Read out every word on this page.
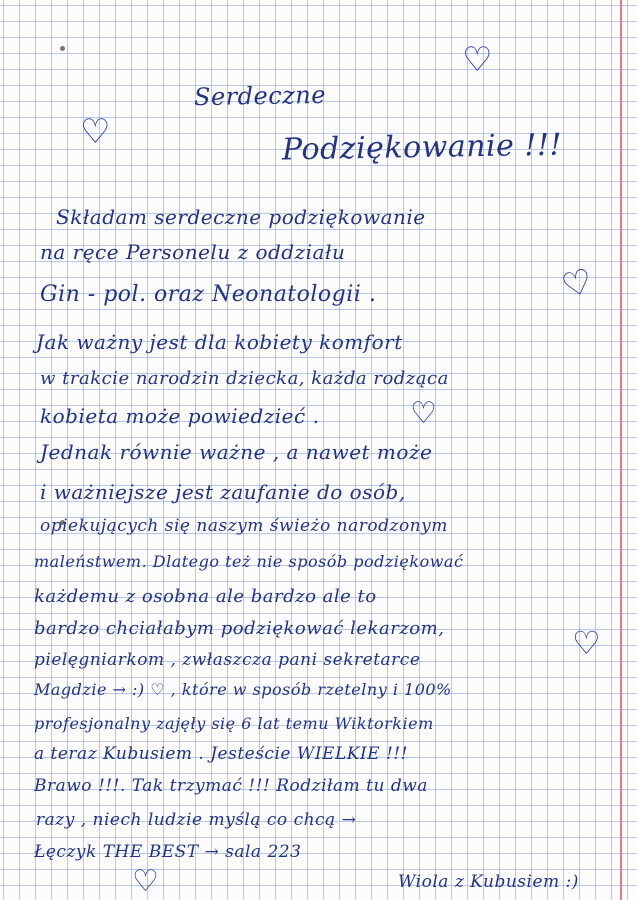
♡
♡
♡
♡
♡
♡
Serdeczne
Podziękowanie !!!
Składam serdeczne podziękowanie
na ręce Personelu z oddziału
Gin - pol. oraz Neonatologii .
Jak ważny jest dla kobiety komfort
w trakcie narodzin dziecka, każda rodząca
kobieta może powiedzieć .
Jednak równie ważne , a nawet może
i ważniejsze jest zaufanie do osób,
opiekujących się naszym świeżo narodzonym
maleństwem. Dlatego też nie sposób podziękować
każdemu z osobna ale bardzo ale to
bardzo chciałabym podziękować lekarzom,
pielęgniarkom , zwłaszcza pani sekretarce
Magdzie → :) ♡ , które w sposób rzetelny i 100%
profesjonalny zajęły się 6 lat temu Wiktorkiem
a teraz Kubusiem . Jesteście WIELKIE !!!
Brawo !!!. Tak trzymać !!! Rodziłam tu dwa
razy , niech ludzie myślą co chcą →
Łęczyk THE BEST → sala 223
Wiola z Kubusiem :)
